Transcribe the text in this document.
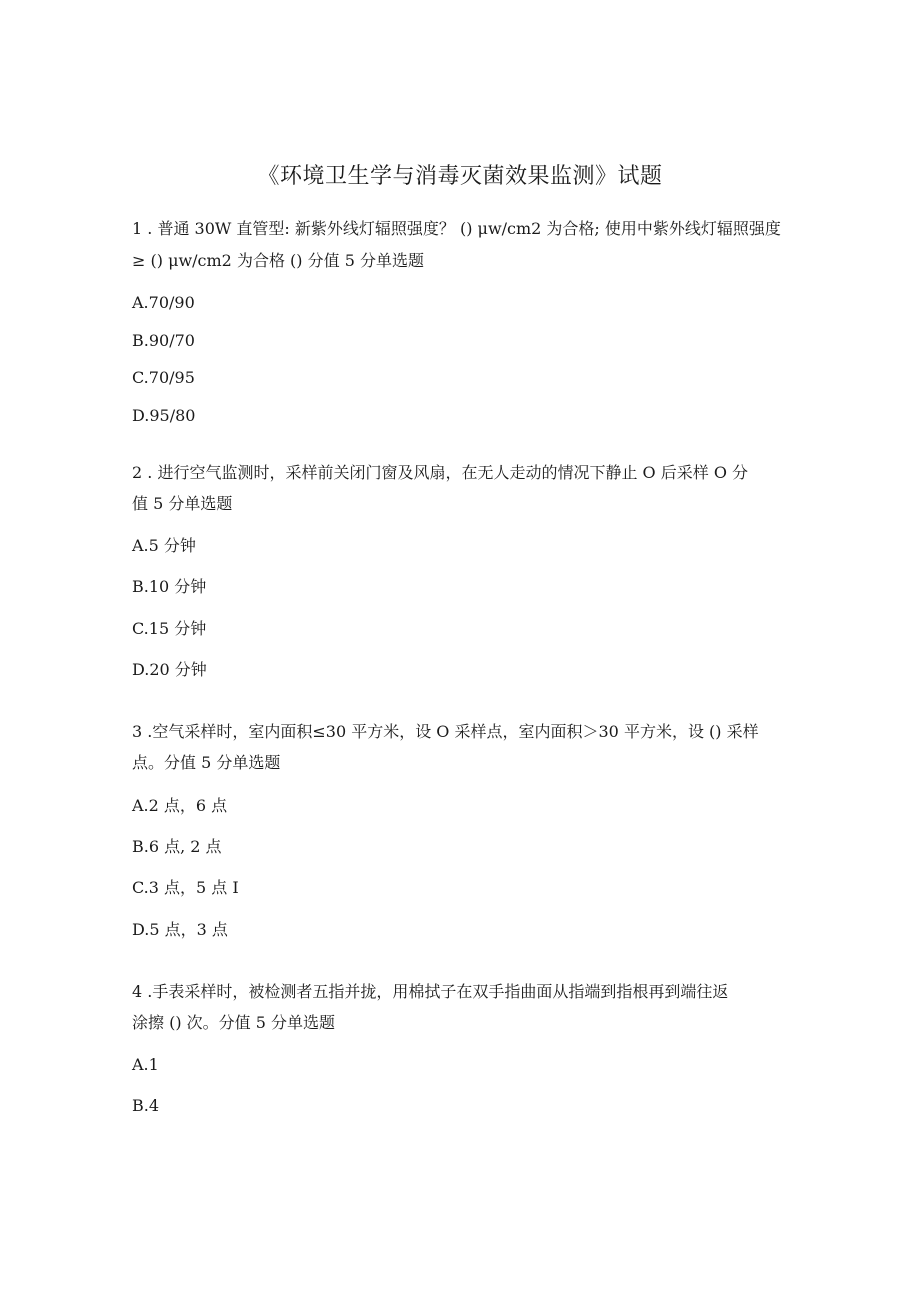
《环境卫生学与消毒灭菌效果监测》试题
1 . 普通 30W 直管型: 新紫外线灯辐照强度？ () μw/cm2 为合格; 使用中紫外线灯辐照强度
≥ () μw/cm2 为合格 () 分值 5 分单选题
A.70/90
B.90/70
C.70/95
D.95/80
2 . 进行空气监测时，采样前关闭门窗及风扇，在无人走动的情况下静止 O 后采样 O 分
值 5 分单选题
A.5 分钟
B.10 分钟
C.15 分钟
D.20 分钟
3 .空气采样时，室内面积≤30 平方米，设 O 采样点，室内面积＞30 平方米，设 () 采样
点。分值 5 分单选题
A.2 点，6 点
B.6 点, 2 点
C.3 点，5 点 I
D.5 点，3 点
4 .手表采样时，被检测者五指并拢，用棉拭子在双手指曲面从指端到指根再到端往返
涂擦 () 次。分值 5 分单选题
A.1
B.4
